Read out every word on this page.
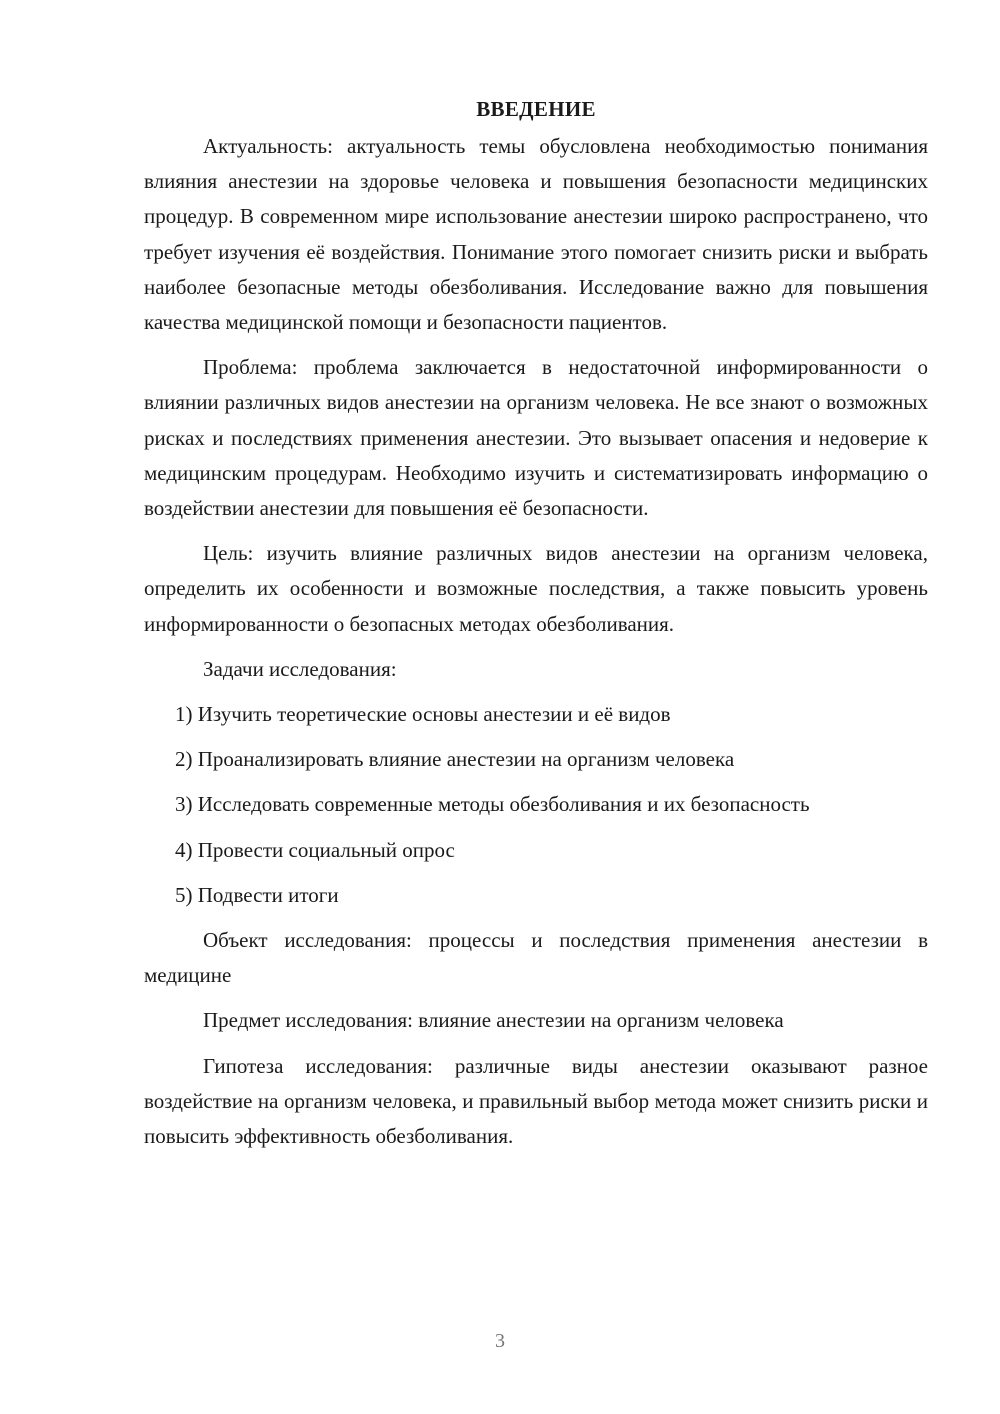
ВВЕДЕНИЕ

Актуальность: актуальность темы обусловлена необходимостью понимания влияния анестезии на здоровье человека и повышения безопасности медицинских процедур. В современном мире использование анестезии широко распространено, что требует изучения её воздействия. Понимание этого помогает снизить риски и выбрать наиболее безопасные методы обезболивания. Исследование важно для повышения качества медицинской помощи и безопасности пациентов.

Проблема: проблема заключается в недостаточной информированности о влиянии различных видов анестезии на организм человека. Не все знают о возможных рисках и последствиях применения анестезии. Это вызывает опасения и недоверие к медицинским процедурам. Необходимо изучить и систематизировать информацию о воздействии анестезии для повышения её безопасности.

Цель: изучить влияние различных видов анестезии на организм человека, определить их особенности и возможные последствия, а также повысить уровень информированности о безопасных методах обезболивания.

Задачи исследования:

1) Изучить теоретические основы анестезии и её видов
2) Проанализировать влияние анестезии на организм человека
3) Исследовать современные методы обезболивания и их безопасность
4) Провести социальный опрос
5) Подвести итоги

Объект исследования: процессы и последствия применения анестезии в медицине

Предмет исследования: влияние анестезии на организм человека

Гипотеза исследования: различные виды анестезии оказывают разное воздействие на организм человека, и правильный выбор метода может снизить риски и повысить эффективность обезболивания.

3
